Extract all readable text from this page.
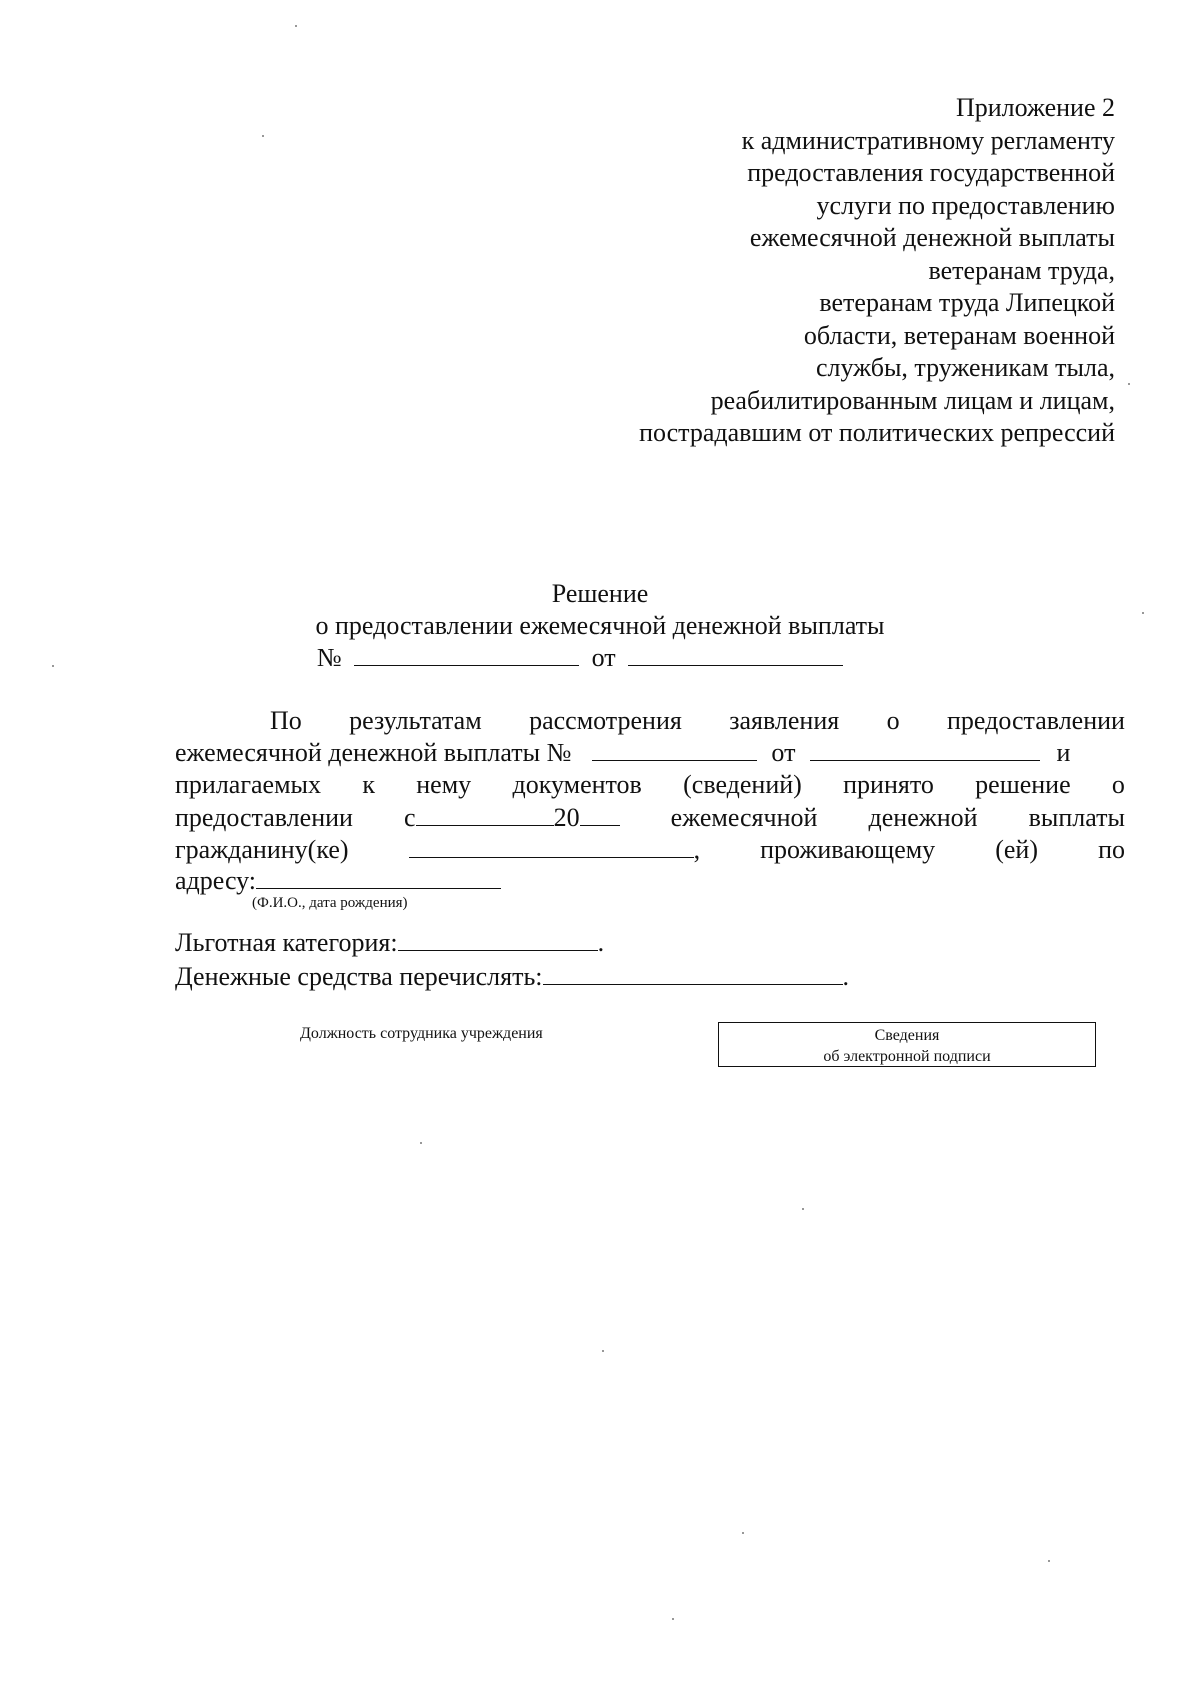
Приложение 2
к административному регламенту
предоставления государственной
услуги по предоставлению
ежемесячной денежной выплаты
ветеранам труда,
ветеранам труда Липецкой
области, ветеранам военной
службы, труженикам тыла,
реабилитированным лицам и лицам,
пострадавшим от политических репрессий
Решение
о предоставлении ежемесячной денежной выплаты
№	от
По результатам рассмотрения заявления о предоставлении
ежемесячной денежной выплаты №	от	и
прилагаемых к нему документов (сведений) принято решение о
предоставлении с	20	ежемесячной денежной выплаты
гражданину(ке)	, проживающему (ей) по
адресу:
(Ф.И.О., дата рождения)
Льготная категория:	.
Денежные средства перечислять:	.
Должность сотрудника учреждения	Сведения
об электронной подписи
